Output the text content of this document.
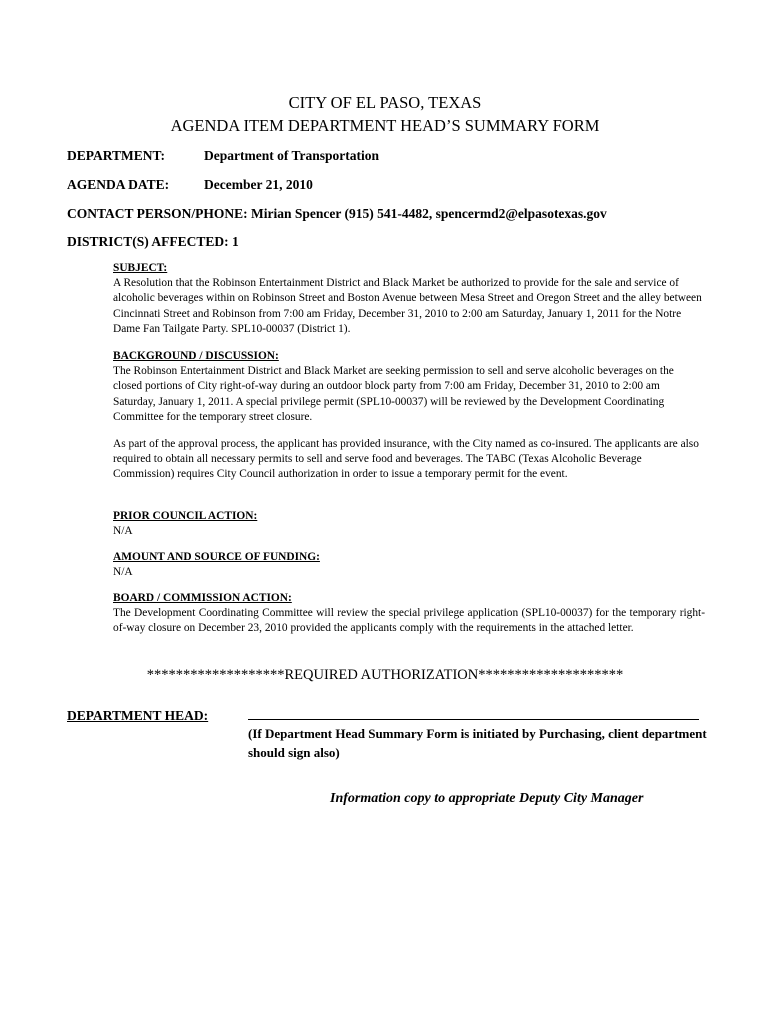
CITY OF EL PASO, TEXAS
AGENDA ITEM DEPARTMENT HEAD’S SUMMARY FORM
DEPARTMENT:	Department of Transportation
AGENDA DATE:	December 21, 2010
CONTACT PERSON/PHONE: Mirian Spencer (915) 541-4482, spencermd2@elpasotexas.gov
DISTRICT(S) AFFECTED: 1
SUBJECT:

A Resolution that the Robinson Entertainment District and Black Market be authorized to provide for the sale and service of alcoholic beverages within on Robinson Street and Boston Avenue between Mesa Street and Oregon Street and the alley between Cincinnati Street and Robinson from 7:00 am Friday, December 31, 2010 to 2:00 am Saturday, January 1, 2011 for the Notre Dame Fan Tailgate Party. SPL10-00037 (District 1).

BACKGROUND / DISCUSSION:

The Robinson Entertainment District and Black Market are seeking permission to sell and serve alcoholic beverages on the closed portions of City right-of-way during an outdoor block party from 7:00 am Friday, December 31, 2010 to 2:00 am Saturday, January 1, 2011. A special privilege permit (SPL10-00037) will be reviewed by the Development Coordinating Committee for the temporary street closure.

As part of the approval process, the applicant has provided insurance, with the City named as co-insured. The applicants are also required to obtain all necessary permits to sell and serve food and beverages. The TABC (Texas Alcoholic Beverage Commission) requires City Council authorization in order to issue a temporary permit for the event.

PRIOR COUNCIL ACTION:

N/A

AMOUNT AND SOURCE OF FUNDING:

N/A

BOARD / COMMISSION ACTION:

The Development Coordinating Committee will review the special privilege application (SPL10-00037) for the temporary right-of-way closure on December 23, 2010 provided the applicants comply with the requirements in the attached letter.

*******************REQUIRED AUTHORIZATION********************
DEPARTMENT HEAD:
(If Department Head Summary Form is initiated by Purchasing, client department should sign also)
Information copy to appropriate Deputy City Manager
